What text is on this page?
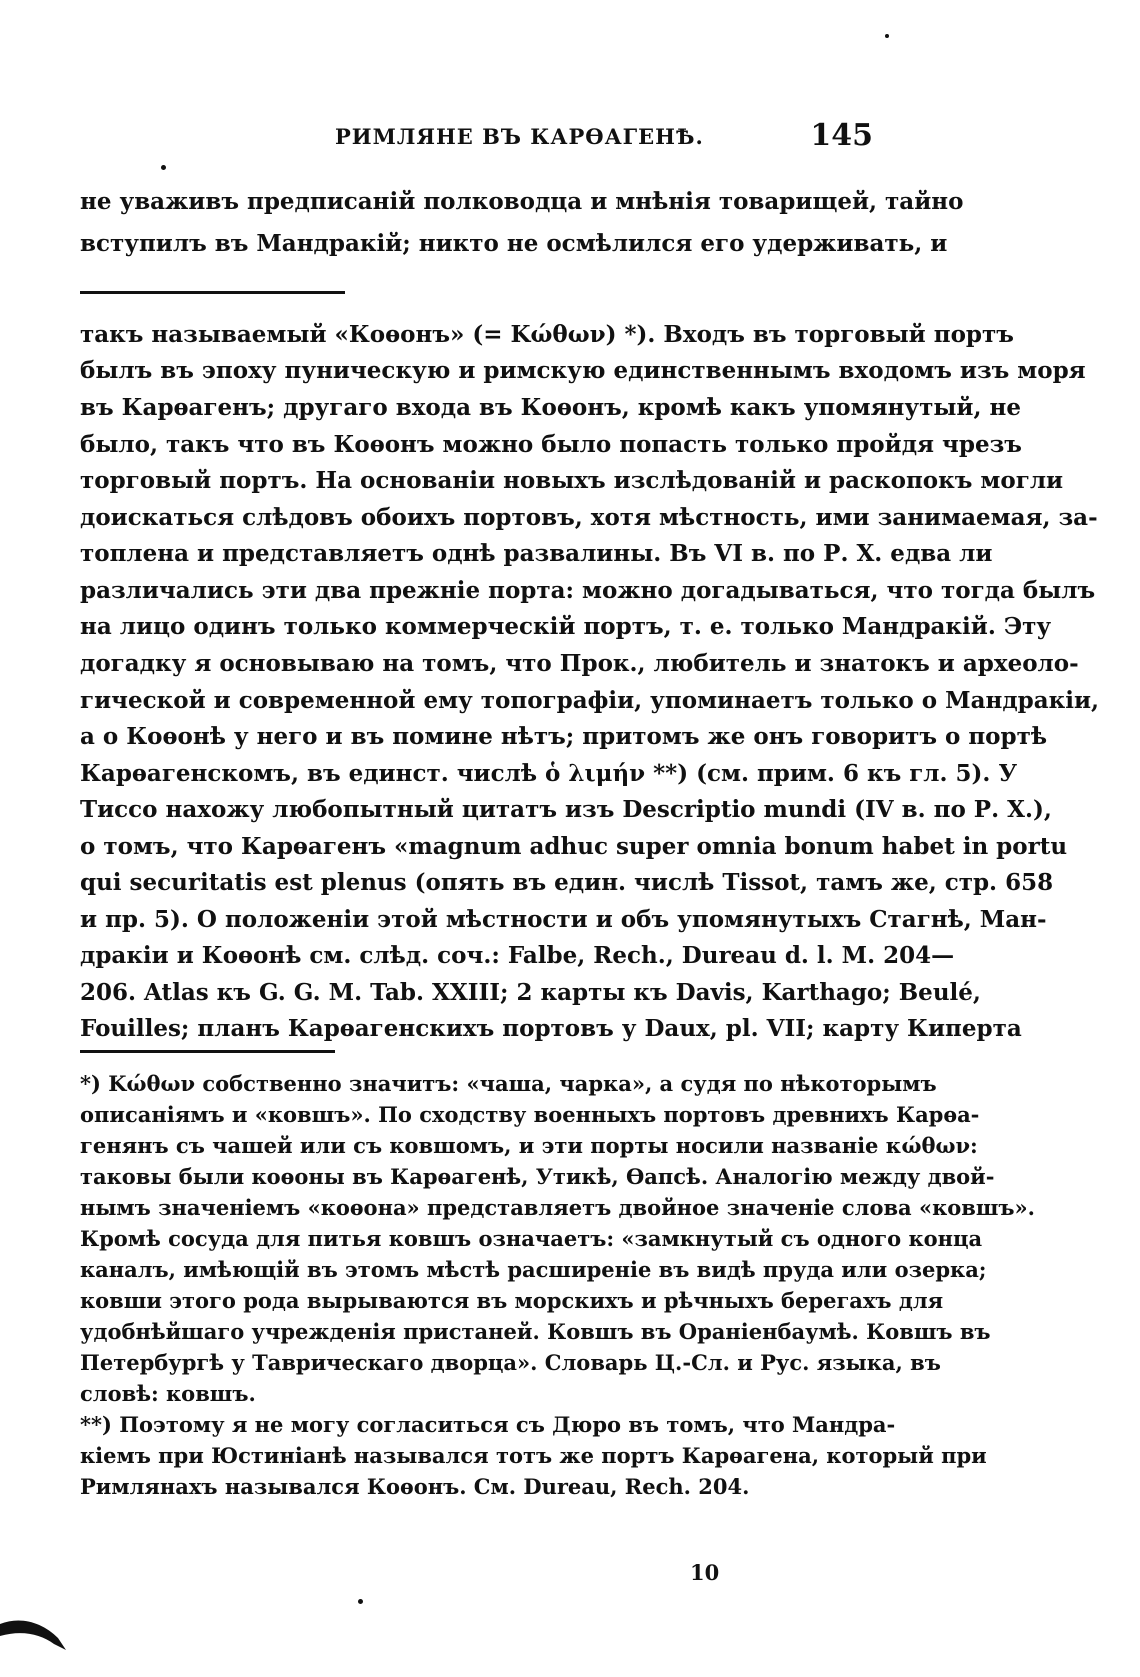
РИМЛЯНЕ ВЪ КАРѲАГЕНѢ.	145
не уваживъ предписаній полководца и мнѣнія товарищей, тайно
вступилъ въ Мандракій; никто не осмѣлился его удерживать, и
такъ называемый «Коѳонъ» (= Κώθων) *). Входъ въ торговый портъ
былъ въ эпоху пуническую и римскую единственнымъ входомъ изъ моря
въ Карѳагенъ; другаго входа въ Коѳонъ, кромѣ какъ упомянутый, не
было, такъ что въ Коѳонъ можно было попасть только пройдя чрезъ
торговый портъ. На основаніи новыхъ изслѣдованій и раскопокъ могли
доискаться слѣдовъ обоихъ портовъ, хотя мѣстность, ими занимаемая, за-
топлена и представляетъ однѣ развалины. Въ VI в. по Р. Х. едва ли
различались эти два прежніе порта: можно догадываться, что тогда былъ
на лицо одинъ только коммерческій портъ, т. е. только Мандракій. Эту
догадку я основываю на томъ, что Прок., любитель и знатокъ и археоло-
гической и современной ему топографіи, упоминаетъ только о Мандракіи,
а о Коѳонѣ у него и въ помине нѣтъ; притомъ же онъ говоритъ о портѣ
Карѳагенскомъ, въ единст. числѣ ὁ λιμήν **) (см. прим. 6 къ гл. 5). У
Тиссо нахожу любопытный цитатъ изъ Descriptio mundi (IV в. по Р. Х.),
о томъ, что Карѳагенъ «magnum adhuc super omnia bonum habet in portu
qui securitatis est plenus (опять въ един. числѣ Tissot, тамъ же, стр. 658
и пр. 5). О положеніи этой мѣстности и объ упомянутыхъ Стагнѣ, Ман-
дракіи и Коѳонѣ см. слѣд. соч.: Falbe, Rech., Dureau d. l. M. 204—
206. Atlas къ G. G. M. Tab. XXIII; 2 карты къ Davis, Karthago; Beulé,
Fouilles; планъ Карѳагенскихъ портовъ у Daux, pl. VII; карту Киперта
*) Κώθων собственно значитъ: «чаша, чарка», а судя по нѣкоторымъ
описаніямъ и «ковшъ». По сходству военныхъ портовъ древнихъ Карѳа-
генянъ съ чашей или съ ковшомъ, и эти порты носили названіе κώθων:
таковы были коѳоны въ Карѳагенѣ, Утикѣ, Ѳапсѣ. Аналогію между двой-
нымъ значеніемъ «коѳона» представляетъ двойное значеніе слова «ковшъ».
Кромѣ сосуда для питья ковшъ означаетъ: «замкнутый съ одного конца
каналъ, имѣющій въ этомъ мѣстѣ расширеніе въ видѣ пруда или озерка;
ковши этого рода вырываются въ морскихъ и рѣчныхъ берегахъ для
удобнѣйшаго учрежденія пристаней. Ковшъ въ Ораніенбаумѣ. Ковшъ въ
Петербургѣ у Таврическаго дворца». Словарь Ц.-Сл. и Рус. языка, въ
словѣ: ковшъ.
**) Поэтому я не могу согласиться съ Дюро въ томъ, что Мандра-
кіемъ при Юстиніанѣ назывался тотъ же портъ Карѳагена, который при
Римлянахъ назывался Коѳонъ. См. Dureau, Rech. 204.
10
